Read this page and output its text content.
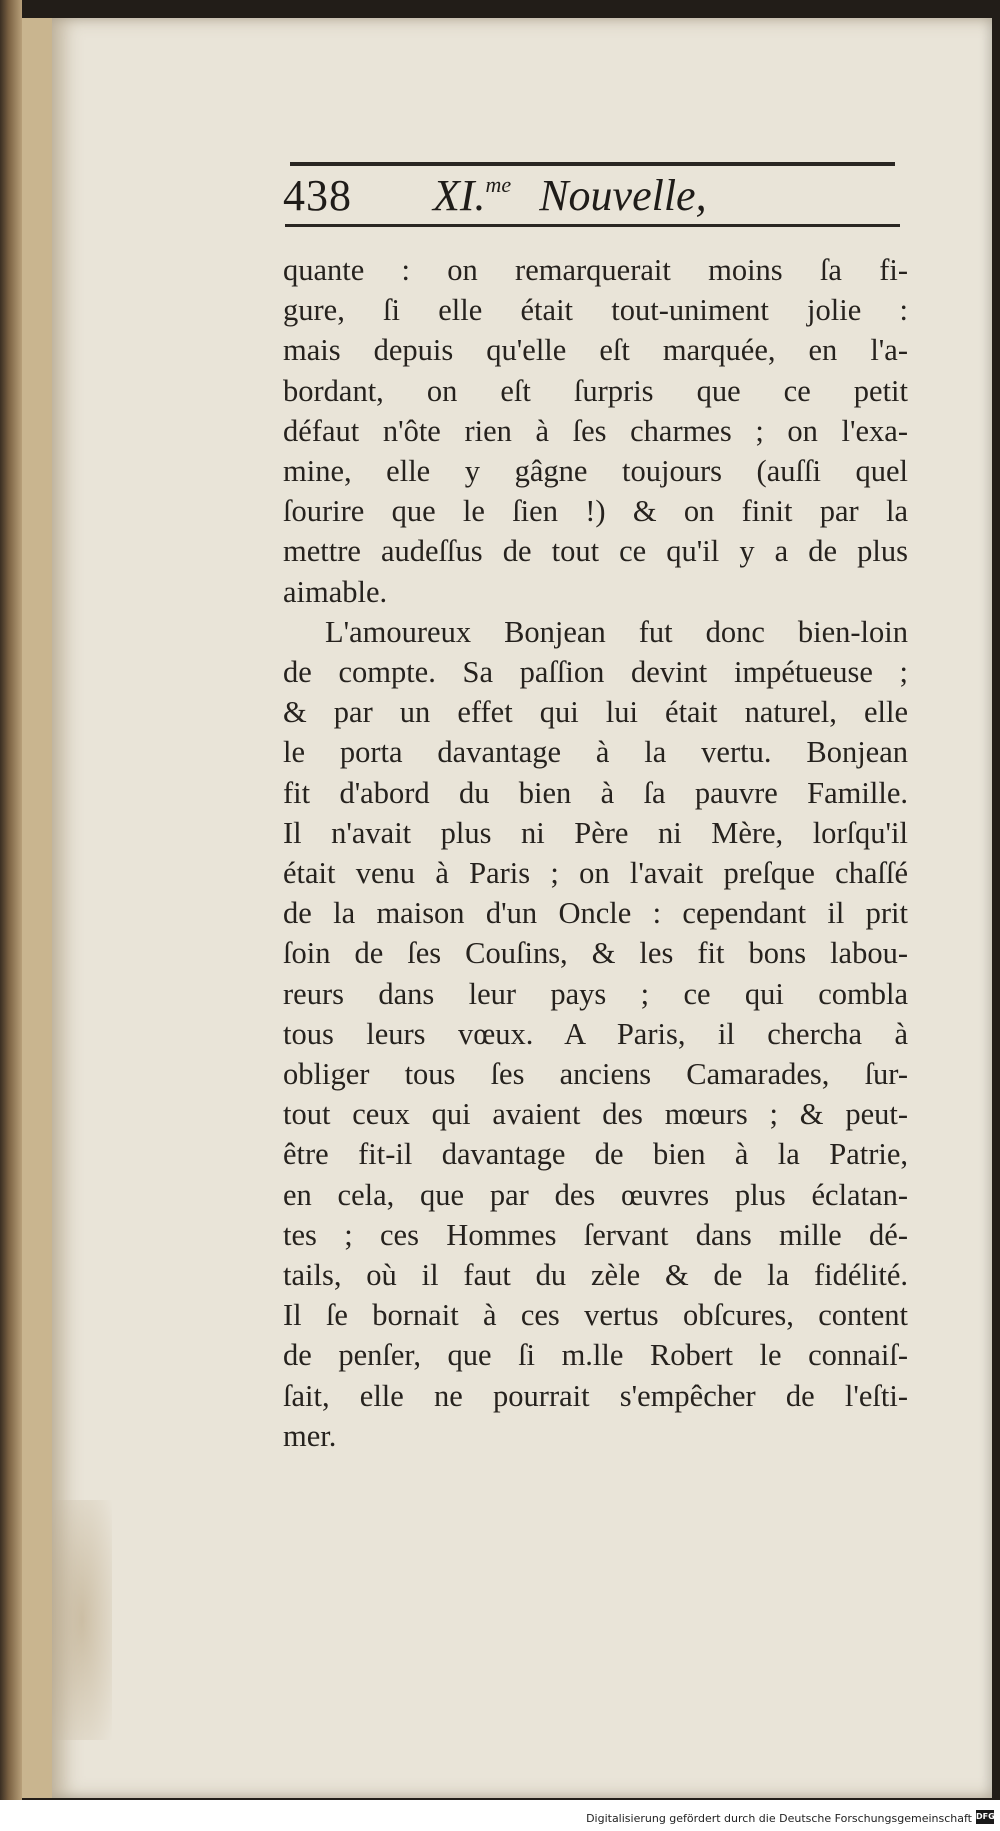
438 XI.$^{me}$ Nouvelle,
quante : on remarquerait moins ſa fi-
gure, ſi elle était tout-uniment jolie :
mais depuis qu'elle eſt marquée, en l'a-
bordant, on eſt ſurpris que ce petit
défaut n'ôte rien à ſes charmes ; on l'exa-
mine, elle y gâgne toujours (auſſi quel
ſourire que le ſien !) & on finit par la
mettre audeſſus de tout ce qu'il y a de plus
aimable.
L'amoureux Bonjean fut donc bien-loin
de compte. Sa paſſion devint impétueuse ;
& par un effet qui lui était naturel, elle
le porta davantage à la vertu. Bonjean
fit d'abord du bien à ſa pauvre Famille.
Il n'avait plus ni Père ni Mère, lorſqu'il
était venu à Paris ; on l'avait preſque chaſſé
de la maison d'un Oncle : cependant il prit
ſoin de ſes Couſins, & les fit bons labou-
reurs dans leur pays ; ce qui combla
tous leurs vœux. A Paris, il chercha à
obliger tous ſes anciens Camarades, ſur-
tout ceux qui avaient des mœurs ; & peut-
être fit-il davantage de bien à la Patrie,
en cela, que par des œuvres plus éclatan-
tes ; ces Hommes ſervant dans mille dé-
tails, où il faut du zèle & de la fidélité.
Il ſe bornait à ces vertus obſcures, content
de penſer, que ſi m.lle Robert le connaiſ-
ſait, elle ne pourrait s'empêcher de l'eſti-
mer.
Digitalisierung gefördert durch die Deutsche Forschungsgemeinschaft DFG
